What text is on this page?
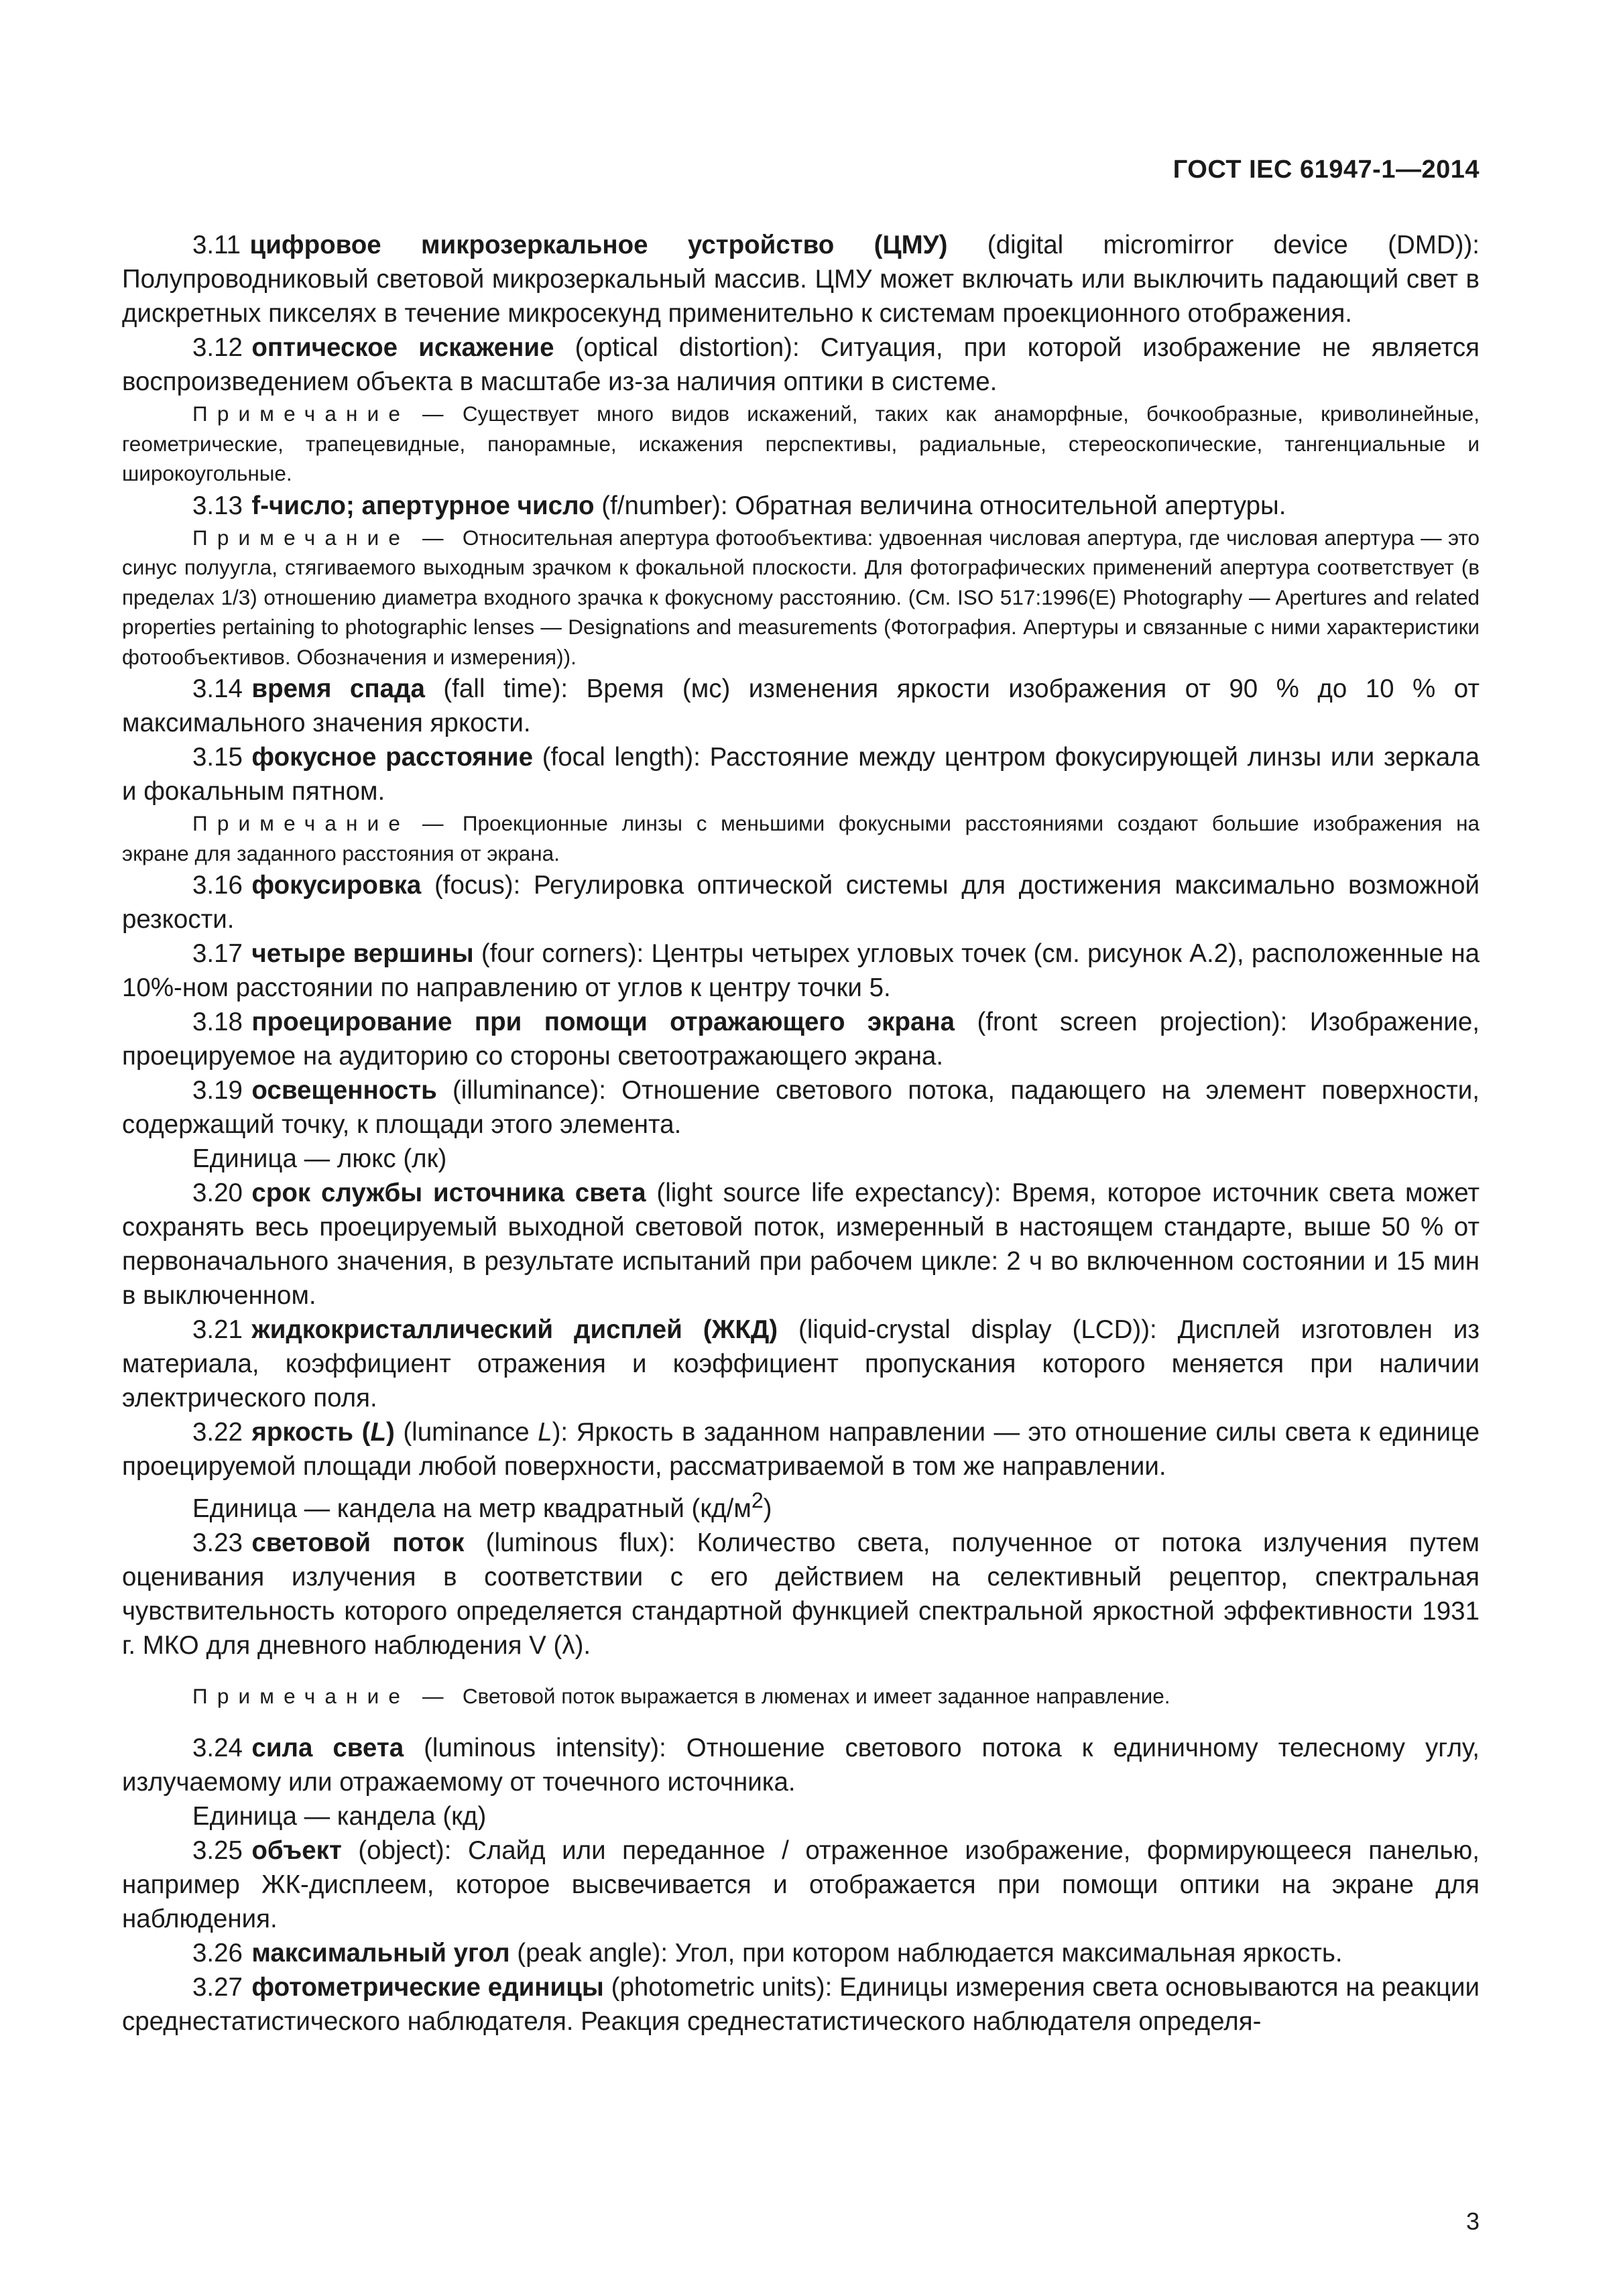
ГОСТ IEC 61947-1—2014

3.11 цифровое микрозеркальное устройство (ЦМУ) (digital micromirror device (DMD)): Полупроводниковый световой микрозеркальный массив. ЦМУ может включать или выключить падающий свет в дискретных пикселях в течение микросекунд применительно к системам проекционного отображения.

3.12 оптическое искажение (optical distortion): Ситуация, при которой изображение не является воспроизведением объекта в масштабе из-за наличия оптики в системе.

Примечание — Существует много видов искажений, таких как анаморфные, бочкообразные, криволинейные, геометрические, трапецевидные, панорамные, искажения перспективы, радиальные, стереоскопические, тангенциальные и широкоугольные.

3.13 f-число; апертурное число (f/number): Обратная величина относительной апертуры.

Примечание — Относительная апертура фотообъектива: удвоенная числовая апертура, где числовая апертура — это синус полуугла, стягиваемого выходным зрачком к фокальной плоскости. Для фотографических применений апертура соответствует (в пределах 1/3) отношению диаметра входного зрачка к фокусному расстоянию. (См. ISO 517:1996(E) Photography — Apertures and related properties pertaining to photographic lenses — Designations and measurements (Фотография. Апертуры и связанные с ними характеристики фотообъективов. Обозначения и измерения)).

3.14 время спада (fall time): Время (мс) изменения яркости изображения от 90 % до 10 % от максимального значения яркости.

3.15 фокусное расстояние (focal length): Расстояние между центром фокусирующей линзы или зеркала и фокальным пятном.

Примечание — Проекционные линзы с меньшими фокусными расстояниями создают большие изображения на экране для заданного расстояния от экрана.

3.16 фокусировка (focus): Регулировка оптической системы для достижения максимально возможной резкости.

3.17 четыре вершины (four corners): Центры четырех угловых точек (см. рисунок А.2), расположенные на 10%-ном расстоянии по направлению от углов к центру точки 5.

3.18 проецирование при помощи отражающего экрана (front screen projection): Изображение, проецируемое на аудиторию со стороны светоотражающего экрана.

3.19 освещенность (illuminance): Отношение светового потока, падающего на элемент поверхности, содержащий точку, к площади этого элемента.

Единица — люкс (лк)

3.20 срок службы источника света (light source life expectancy): Время, которое источник света может сохранять весь проецируемый выходной световой поток, измеренный в настоящем стандарте, выше 50 % от первоначального значения, в результате испытаний при рабочем цикле: 2 ч во включенном состоянии и 15 мин в выключенном.

3.21 жидкокристаллический дисплей (ЖКД) (liquid-crystal display (LCD)): Дисплей изготовлен из материала, коэффициент отражения и коэффициент пропускания которого меняется при наличии электрического поля.

3.22 яркость (L) (luminance L): Яркость в заданном направлении — это отношение силы света к единице проецируемой площади любой поверхности, рассматриваемой в том же направлении.

Единица — кандела на метр квадратный $(кд/м^2)$

3.23 световой поток (luminous flux): Количество света, полученное от потока излучения путем оценивания излучения в соответствии с его действием на селективный рецептор, спектральная чувствительность которого определяется стандартной функцией спектральной яркостной эффективности 1931 г. МКО для дневного наблюдения V (λ).

Примечание — Световой поток выражается в люменах и имеет заданное направление.

3.24 сила света (luminous intensity): Отношение светового потока к единичному телесному углу, излучаемому или отражаемому от точечного источника.

Единица — кандела (кд)

3.25 объект (object): Слайд или переданное / отраженное изображение, формирующееся панелью, например ЖК-дисплеем, которое высвечивается и отображается при помощи оптики на экране для наблюдения.

3.26 максимальный угол (peak angle): Угол, при котором наблюдается максимальная яркость.

3.27 фотометрические единицы (photometric units): Единицы измерения света основываются на реакции среднестатистического наблюдателя. Реакция среднестатистического наблюдателя определя-

3
